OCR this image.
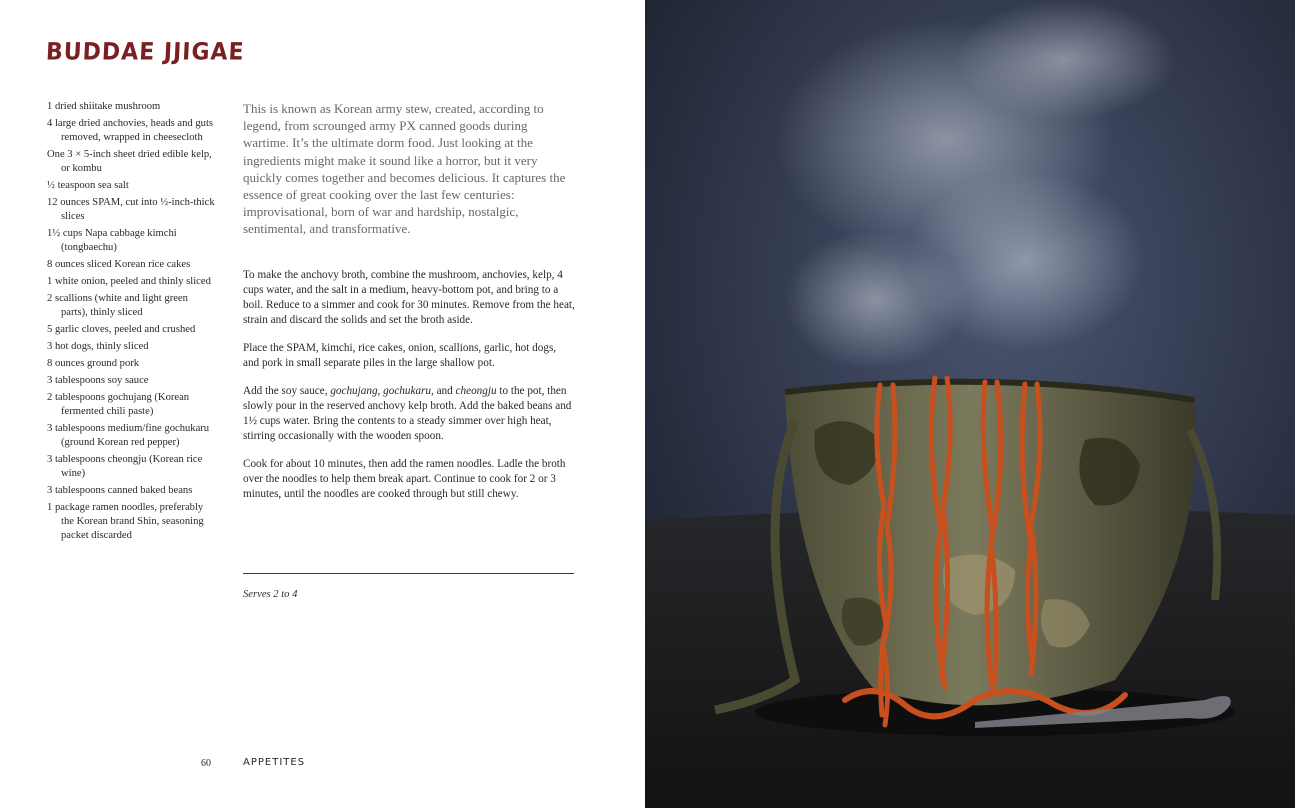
BUDDAE JJIGAE
1 dried shiitake mushroom
4 large dried anchovies, heads and guts removed, wrapped in cheesecloth
One 3 × 5-inch sheet dried edible kelp, or kombu
½ teaspoon sea salt
12 ounces SPAM, cut into ½-inch-thick slices
1½ cups Napa cabbage kimchi (tongbaechu)
8 ounces sliced Korean rice cakes
1 white onion, peeled and thinly sliced
2 scallions (white and light green parts), thinly sliced
5 garlic cloves, peeled and crushed
3 hot dogs, thinly sliced
8 ounces ground pork
3 tablespoons soy sauce
2 tablespoons gochujang (Korean fermented chili paste)
3 tablespoons medium/fine gochukaru (ground Korean red pepper)
3 tablespoons cheongju (Korean rice wine)
3 tablespoons canned baked beans
1 package ramen noodles, preferably the Korean brand Shin, seasoning packet discarded

This is known as Korean army stew, created, according to legend, from scrounged army PX canned goods during wartime. It’s the ultimate dorm food. Just looking at the ingredients might make it sound like a horror, but it very quickly comes together and becomes delicious. It captures the essence of great cooking over the last few centuries: improvisational, born of war and hardship, nostalgic, sentimental, and transformative.

To make the anchovy broth, combine the mushroom, anchovies, kelp, 4 cups water, and the salt in a medium, heavy-bottom pot, and bring to a boil. Reduce to a simmer and cook for 30 minutes. Remove from the heat, strain and discard the solids and set the broth aside.

Place the SPAM, kimchi, rice cakes, onion, scallions, garlic, hot dogs, and pork in small separate piles in the large shallow pot.

Add the soy sauce, gochujang, gochukaru, and cheongju to the pot, then slowly pour in the reserved anchovy kelp broth. Add the baked beans and 1½ cups water. Bring the contents to a steady simmer over high heat, stirring occasionally with the wooden spoon.

Cook for about 10 minutes, then add the ramen noodles. Ladle the broth over the noodles to help them break apart. Continue to cook for 2 or 3 minutes, until the noodles are cooked through but still chewy.

Serves 2 to 4
60	APPETITES
